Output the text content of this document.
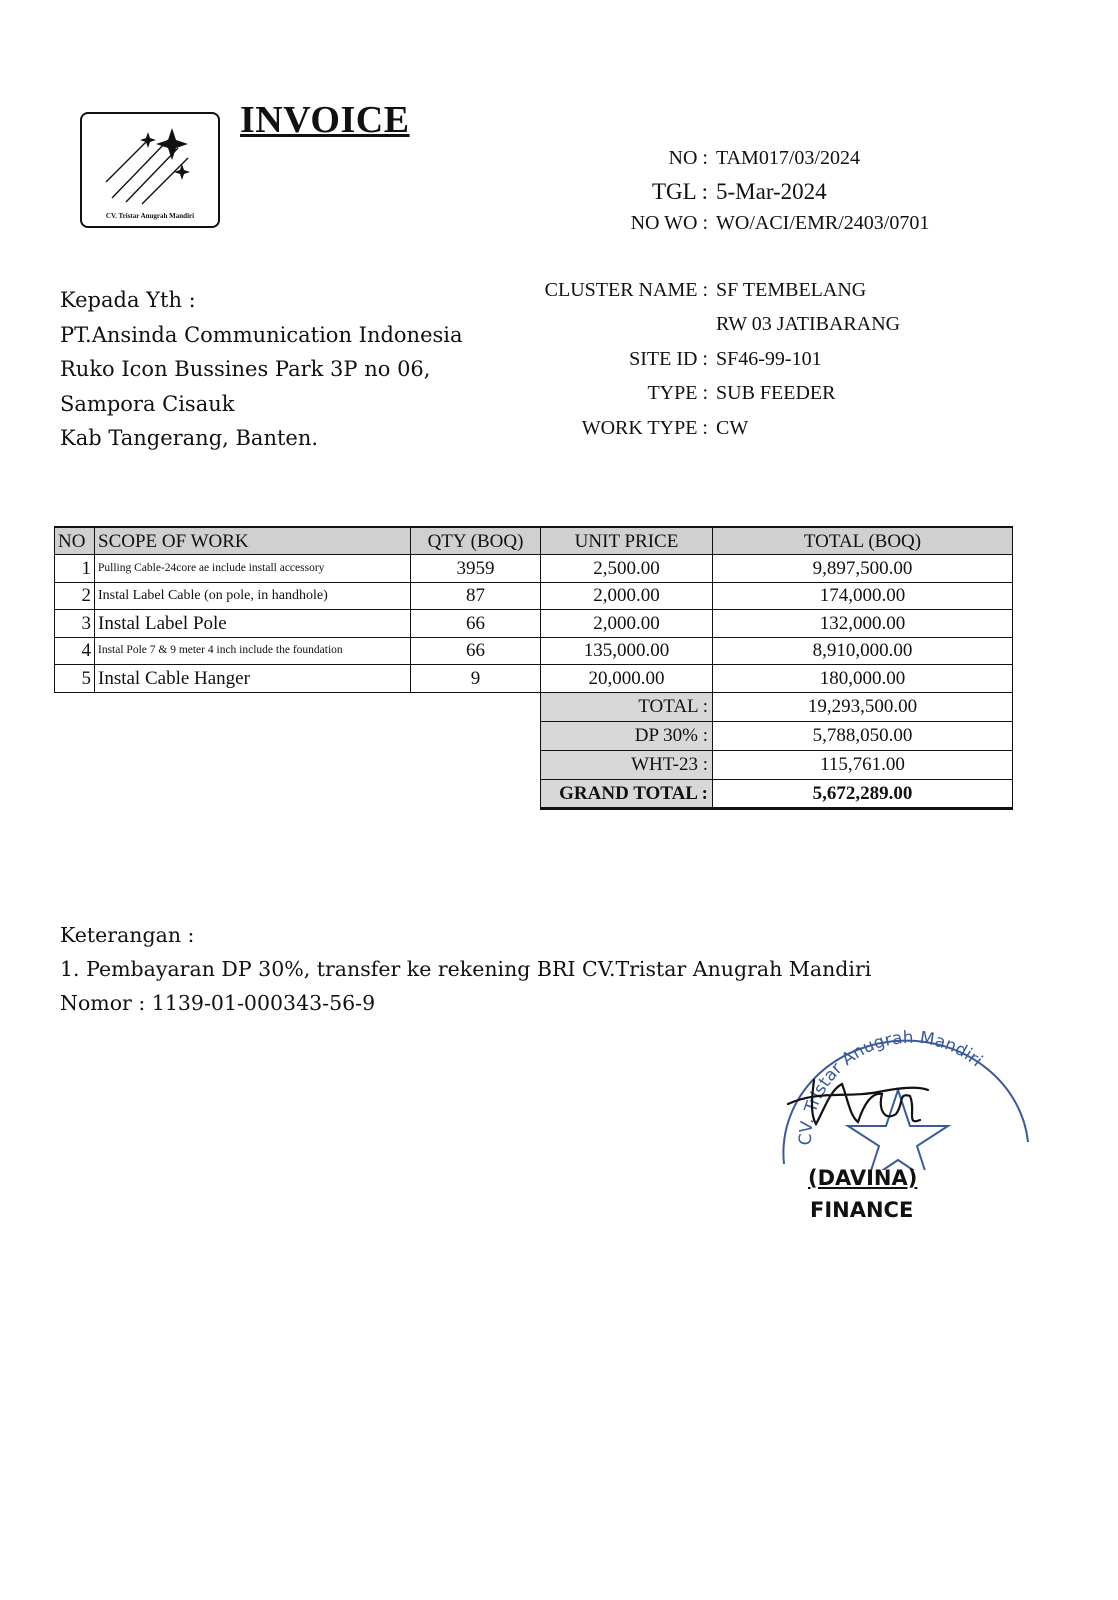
CV. Tristar Anugrah Mandiri
INVOICE
NO : TAM017/03/2024
TGL : 5-Mar-2024
NO WO : WO/ACI/EMR/2403/0701
Kepada Yth :
PT.Ansinda Communication Indonesia
Ruko Icon Bussines Park 3P no 06,
Sampora Cisauk
Kab Tangerang, Banten.
CLUSTER NAME : SF TEMBELANG
RW 03 JATIBARANG
SITE ID : SF46-99-101
TYPE : SUB FEEDER
WORK TYPE : CW
NO	SCOPE OF WORK	QTY (BOQ)	UNIT PRICE	TOTAL (BOQ)
1	Pulling Cable-24core ae include install accessory	3959	2,500.00	9,897,500.00
2	Instal Label Cable (on pole, in handhole)	87	2,000.00	174,000.00
3	Instal Label Pole	66	2,000.00	132,000.00
4	Instal Pole 7 & 9 meter 4 inch include the foundation	66	135,000.00	8,910,000.00
5	Instal Cable Hanger	9	20,000.00	180,000.00
TOTAL :	19,293,500.00
DP 30% :	5,788,050.00
WHT-23 :	115,761.00
GRAND TOTAL :	5,672,289.00
Keterangan :
1. Pembayaran DP 30%, transfer ke rekening BRI CV.Tristar Anugrah Mandiri
Nomor : 1139-01-000343-56-9
CV. Tristar Anugrah Mandiri
(DAVINA)
FINANCE
